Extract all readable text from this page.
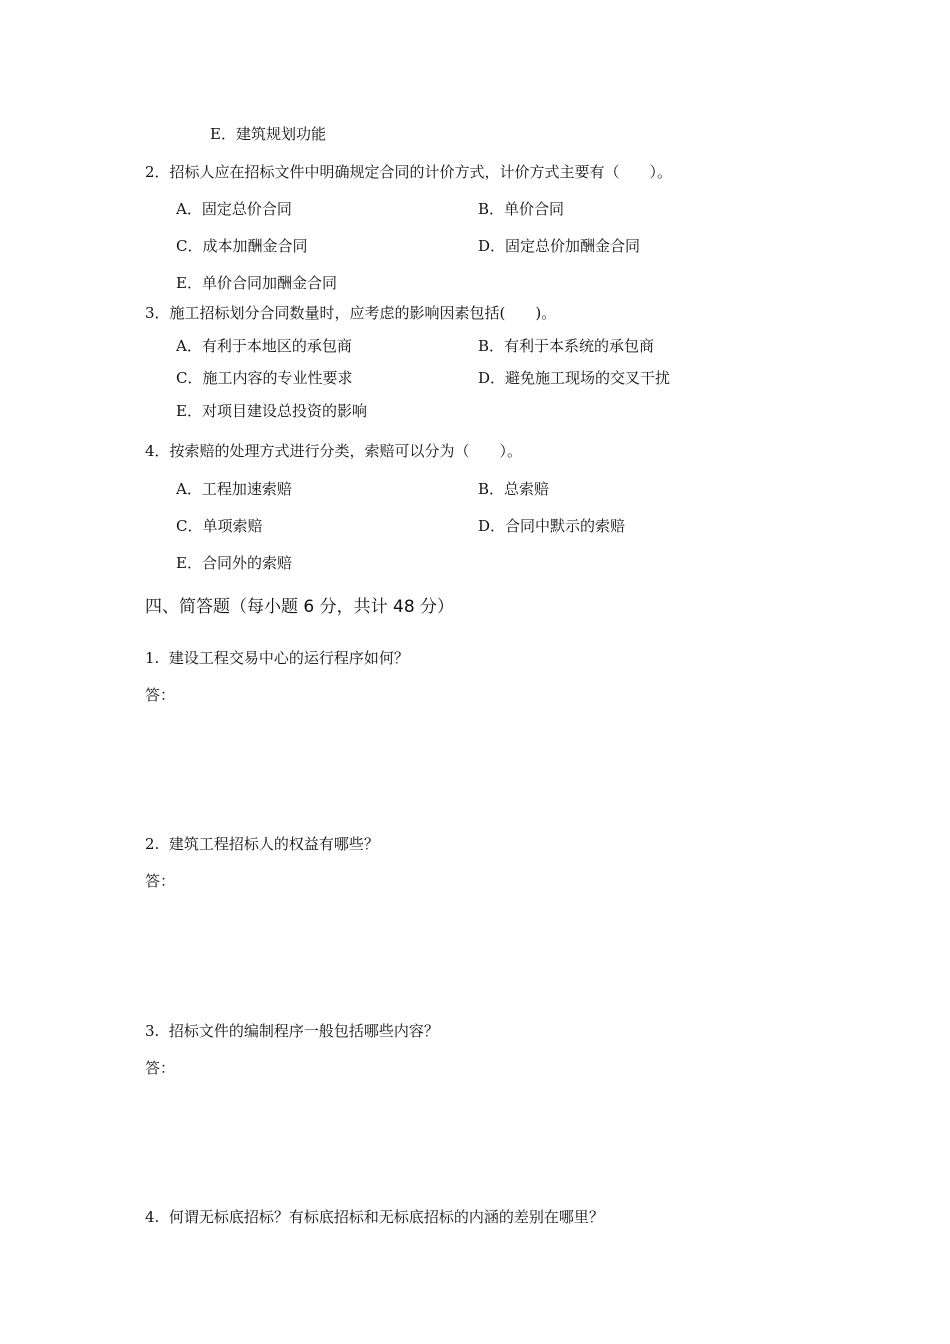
E．建筑规划功能
2．招标人应在招标文件中明确规定合同的计价方式，计价方式主要有（　　）。
A．固定总价合同	B．单价合同
C．成本加酬金合同	D．固定总价加酬金合同
E．单价合同加酬金合同
3．施工招标划分合同数量时，应考虑的影响因素包括(　　)。
A．有利于本地区的承包商	B．有利于本系统的承包商
C．施工内容的专业性要求	D．避免施工现场的交叉干扰
E．对项目建设总投资的影响
4．按索赔的处理方式进行分类，索赔可以分为（　　）。
A．工程加速索赔	B．总索赔
C．单项索赔	D．合同中默示的索赔
E．合同外的索赔
四、简答题（每小题 6 分，共计 48 分）
1.  建设工程交易中心的运行程序如何？
答：
2.  建筑工程招标人的权益有哪些？
答：
3.  招标文件的编制程序一般包括哪些内容？
答：
4.  何谓无标底招标？有标底招标和无标底招标的内涵的差别在哪里？
